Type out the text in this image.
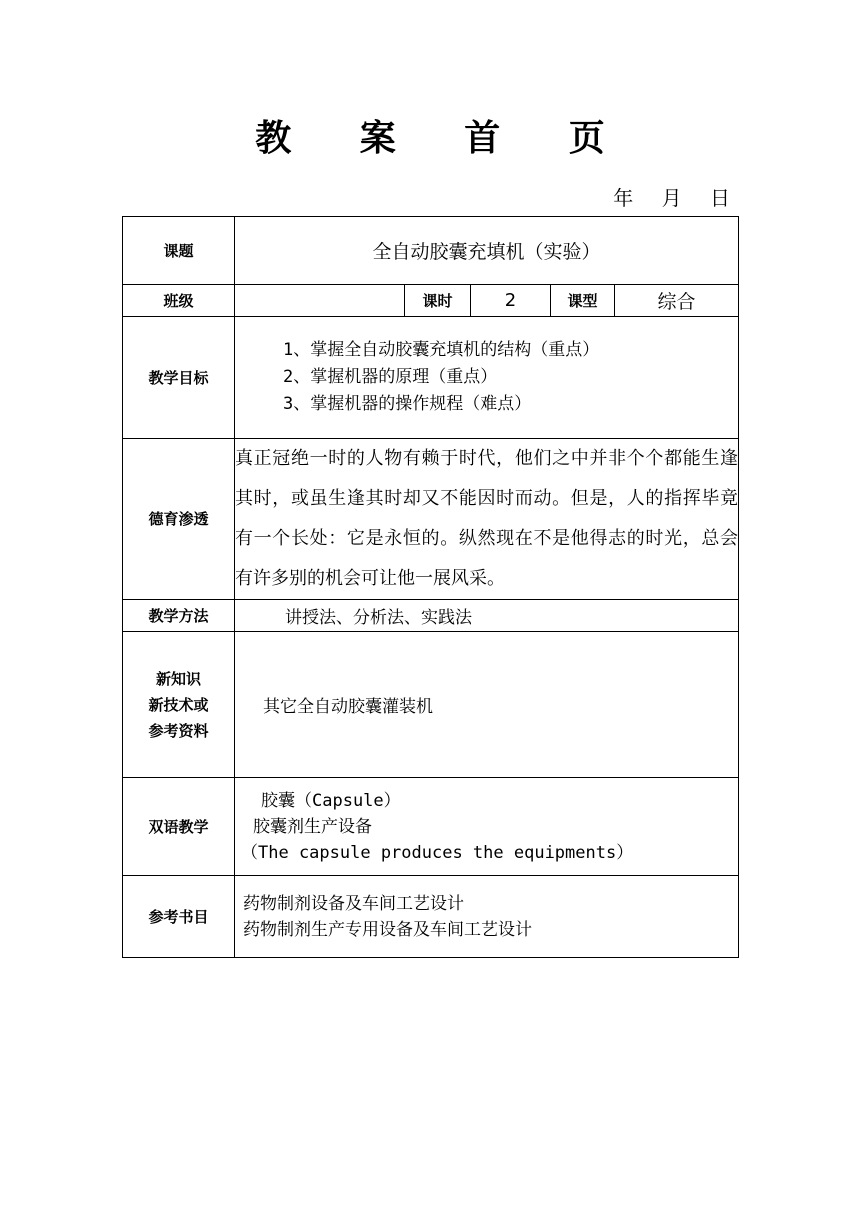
教 案 首 页
年 月 日
课题	全自动胶囊充填机（实验）				
班级		课时	2	课型	综合
教学目标	1、掌握全自动胶囊充填机的结构（重点）
2、掌握机器的原理（重点）
3、掌握机器的操作规程（难点）				

德育渗透	真正冠绝一时的人物有赖于时代，他们之中并非个个都能生逢其时，或虽生逢其时却又不能因时而动。但是，人的指挥毕竟有一个长处：它是永恒的。纵然现在不是他得志的时光，总会有许多别的机会可让他一展风采。				
教学方法	讲授法、分析法、实践法				

新知识
新技术或
参考资料	其它全自动胶囊灌装机				
双语教学	胶囊（Capsule）
胶囊剂生产设备
（The capsule produces the equipments）				

参考书目	药物制剂设备及车间工艺设计
药物制剂生产专用设备及车间工艺设计				
